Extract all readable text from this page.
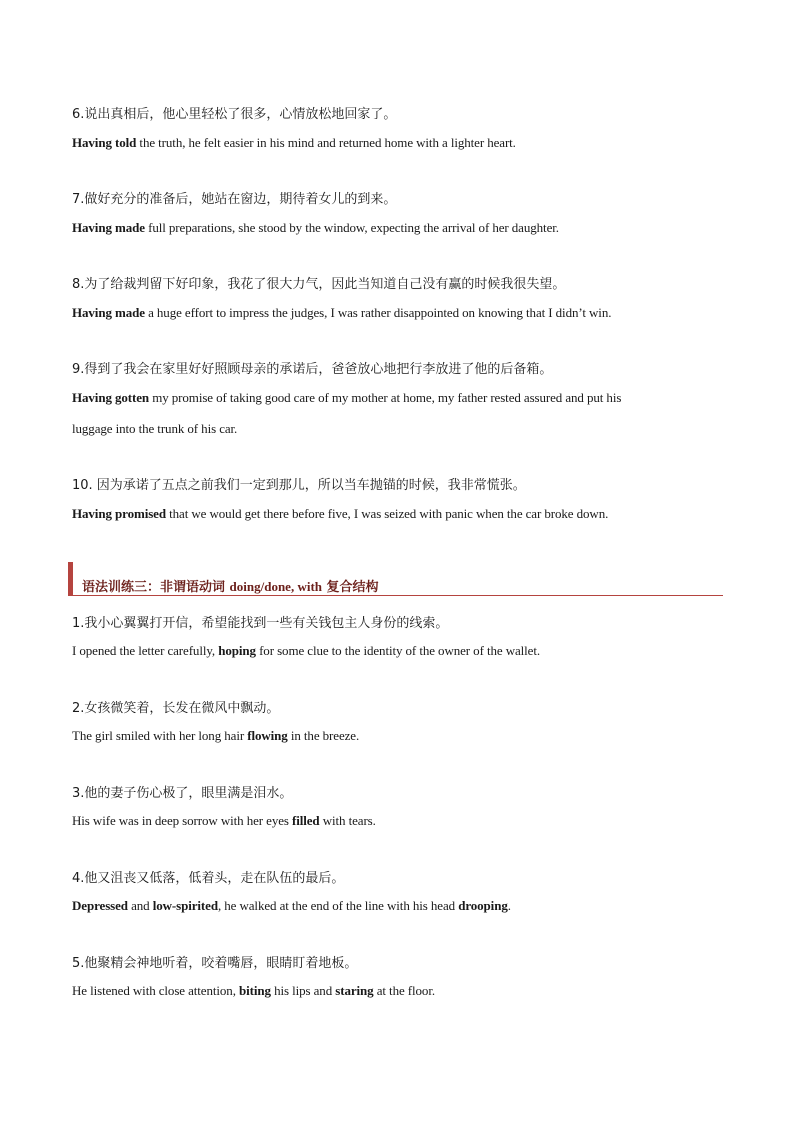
6.说出真相后，他心里轻松了很多，心情放松地回家了。
Having told the truth, he felt easier in his mind and returned home with a lighter heart.
7.做好充分的准备后，她站在窗边，期待着女儿的到来。
Having made full preparations, she stood by the window, expecting the arrival of her daughter.
8.为了给裁判留下好印象，我花了很大力气，因此当知道自己没有赢的时候我很失望。
Having made a huge effort to impress the judges, I was rather disappointed on knowing that I didn’t win.
9.得到了我会在家里好好照顾母亲的承诺后，爸爸放心地把行李放进了他的后备箱。
Having gotten my promise of taking good care of my mother at home, my father rested assured and put his
luggage into the trunk of his car.
10. 因为承诺了五点之前我们一定到那儿，所以当车抛锚的时候，我非常慌张。
Having promised that we would get there before five, I was seized with panic when the car broke down.
语法训练三：非谓语动词 doing/done, with 复合结构
1.我小心翼翼打开信，希望能找到一些有关钱包主人身份的线索。
I opened the letter carefully, hoping for some clue to the identity of the owner of the wallet.
2.女孩微笑着，长发在微风中飘动。
The girl smiled with her long hair flowing in the breeze.
3.他的妻子伤心极了，眼里满是泪水。
His wife was in deep sorrow with her eyes filled with tears.
4.他又沮丧又低落，低着头，走在队伍的最后。
Depressed and low-spirited, he walked at the end of the line with his head drooping.
5.他聚精会神地听着，咬着嘴唇，眼睛盯着地板。
He listened with close attention, biting his lips and staring at the floor.
